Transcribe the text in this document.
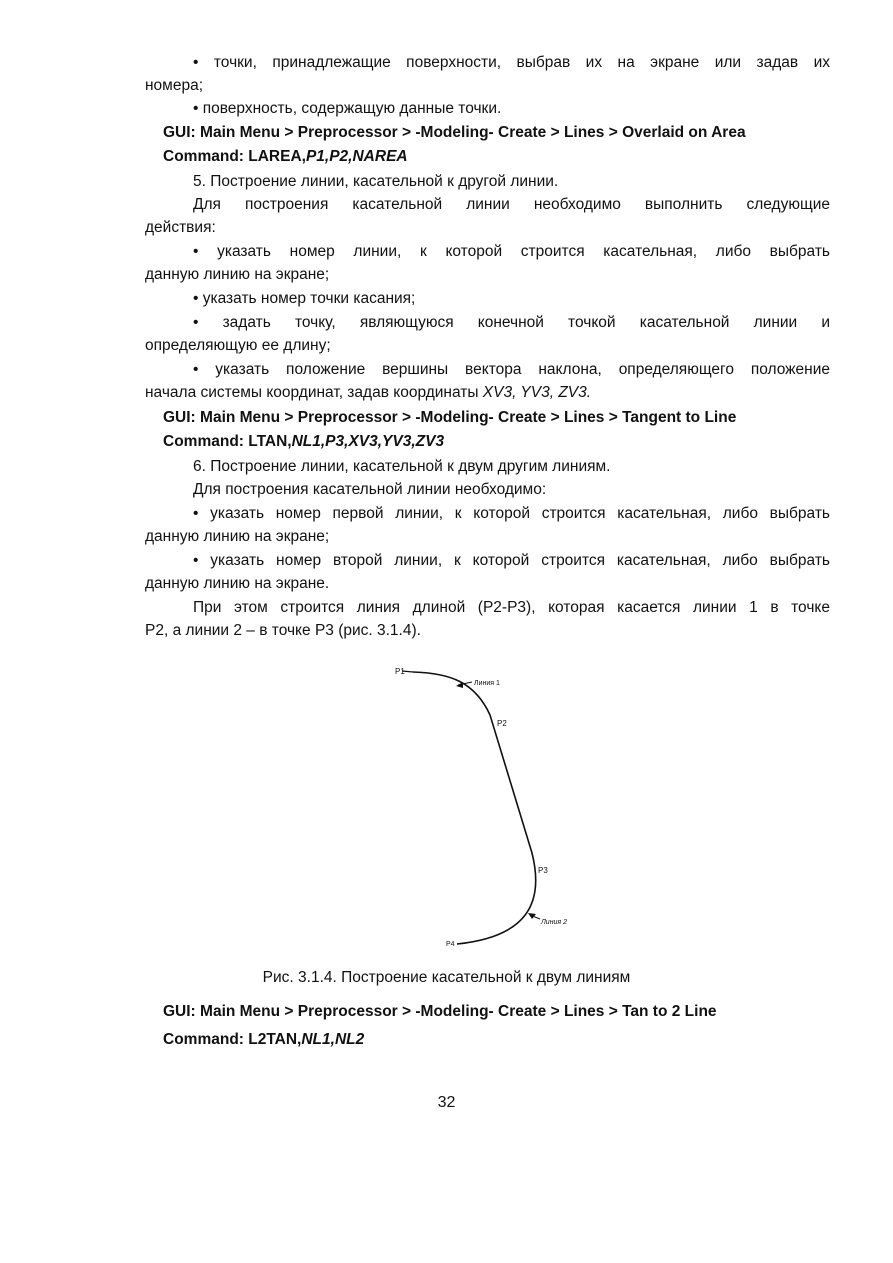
• точки, принадлежащие поверхности, выбрав их на экране или задав их
номера;
• поверхность, содержащую данные точки.
GUI: Main Menu > Preprocessor > -Modeling- Create > Lines > Overlaid on Area
Command: LAREA,P1,P2,NAREA
5. Построение линии, касательной к другой линии.
Для построения касательной линии необходимо выполнить следующие
действия:
• указать номер линии, к которой строится касательная, либо выбрать
данную линию на экране;
• указать номер точки касания;
• задать точку, являющуюся конечной точкой касательной линии и
определяющую ее длину;
• указать положение вершины вектора наклона, определяющего положение
начала системы координат, задав координаты XV3, YV3, ZV3.
GUI: Main Menu > Preprocessor > -Modeling- Create > Lines > Tangent to Line
Command: LTAN,NL1,P3,XV3,YV3,ZV3
6. Построение линии, касательной к двум другим линиям.
Для построения касательной линии необходимо:
• указать номер первой линии, к которой строится касательная, либо выбрать
данную линию на экране;
• указать номер второй линии, к которой строится касательная, либо выбрать
данную линию на экране.
При этом строится линия длиной (P2-P3), которая касается линии 1 в точке
P2, а линии 2 – в точке P3 (рис. 3.1.4).
P1
Линия 1
P2
P3
Линия 2
P4
Рис. 3.1.4. Построение касательной к двум линиям
GUI: Main Menu > Preprocessor > -Modeling- Create > Lines > Tan to 2 Line
Command: L2TAN,NL1,NL2
32
